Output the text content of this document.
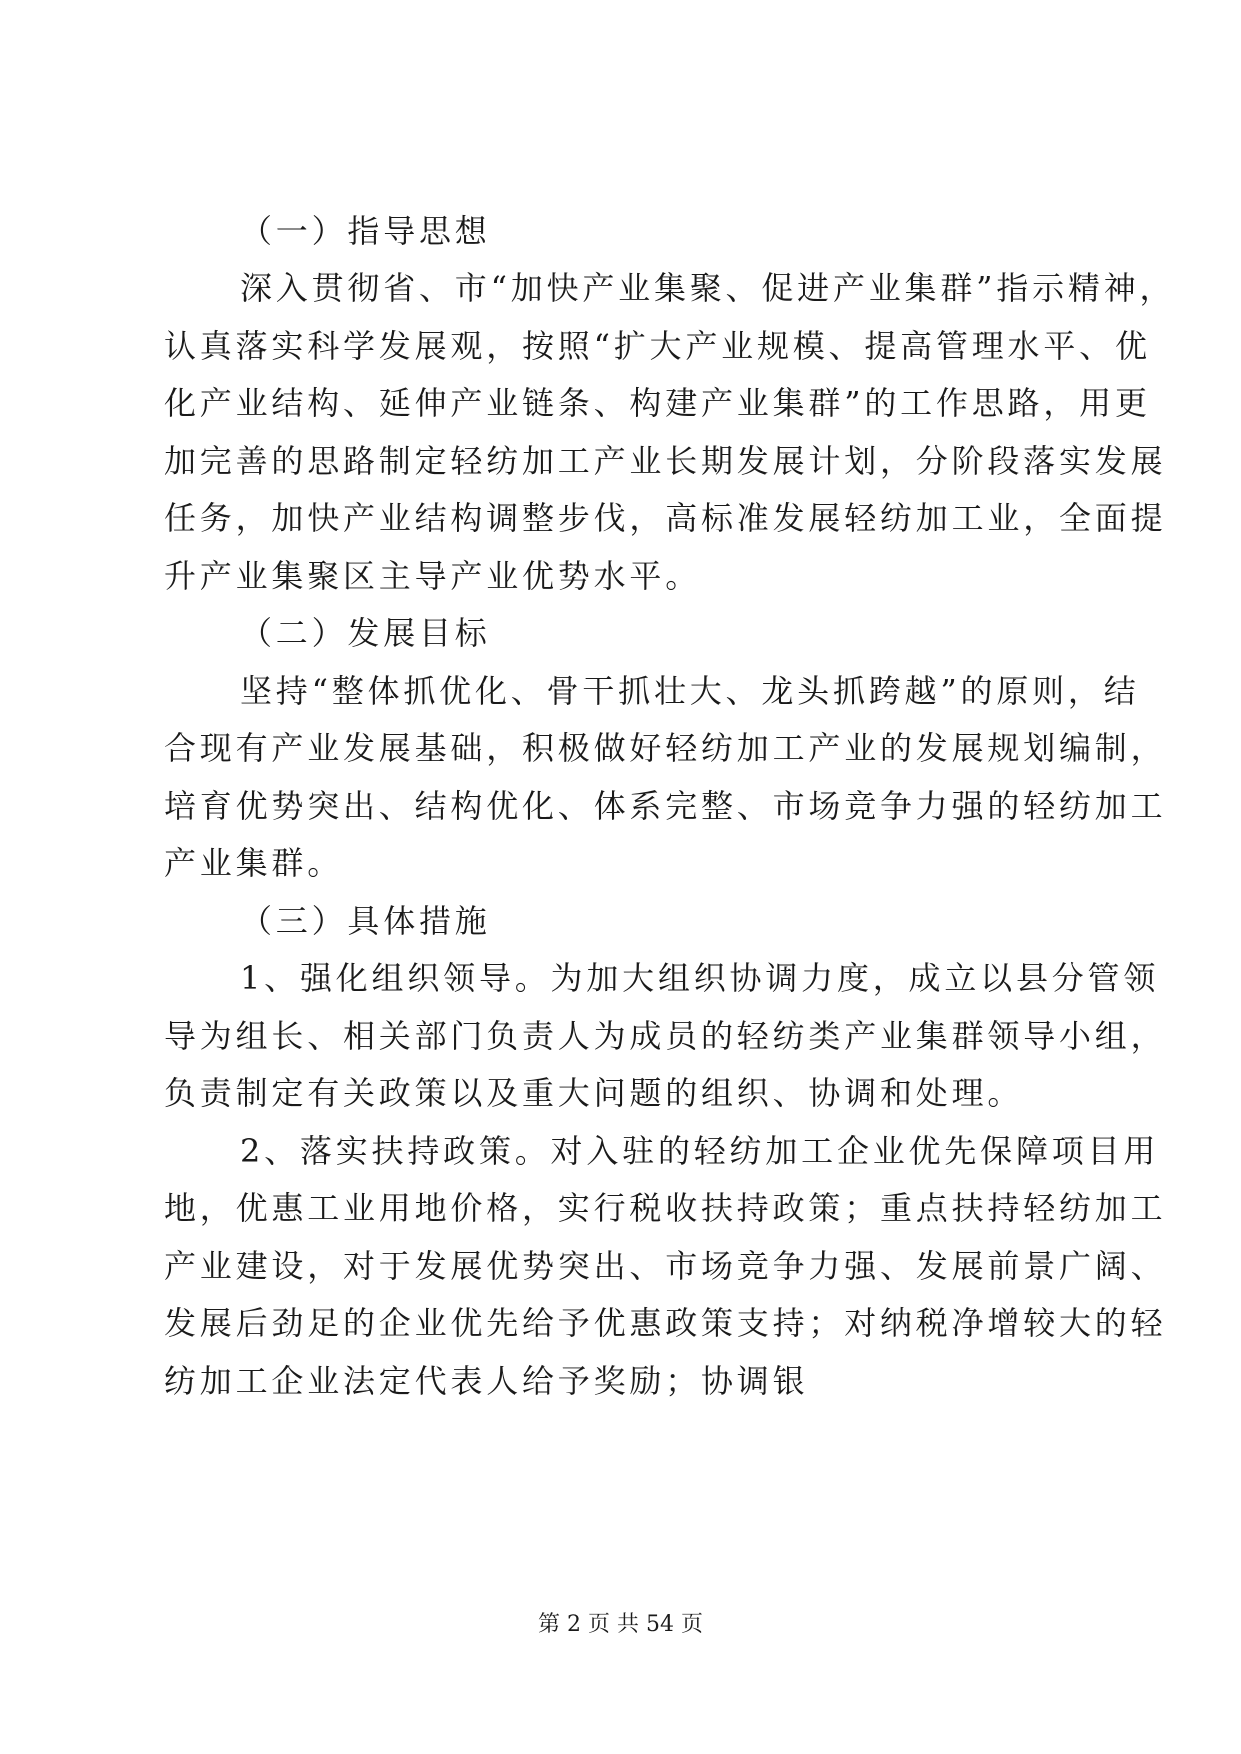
（一）指导思想
深入贯彻省、市“加快产业集聚、促进产业集群”指示精神，
认真落实科学发展观，按照“扩大产业规模、提高管理水平、优
化产业结构、延伸产业链条、构建产业集群”的工作思路，用更
加完善的思路制定轻纺加工产业长期发展计划，分阶段落实发展
任务，加快产业结构调整步伐，高标准发展轻纺加工业，全面提
升产业集聚区主导产业优势水平。
（二）发展目标
坚持“整体抓优化、骨干抓壮大、龙头抓跨越”的原则，结
合现有产业发展基础，积极做好轻纺加工产业的发展规划编制，
培育优势突出、结构优化、体系完整、市场竞争力强的轻纺加工
产业集群。
（三）具体措施
1、强化组织领导。为加大组织协调力度，成立以县分管领
导为组长、相关部门负责人为成员的轻纺类产业集群领导小组，
负责制定有关政策以及重大问题的组织、协调和处理。
2、落实扶持政策。对入驻的轻纺加工企业优先保障项目用
地，优惠工业用地价格，实行税收扶持政策；重点扶持轻纺加工
产业建设，对于发展优势突出、市场竞争力强、发展前景广阔、
发展后劲足的企业优先给予优惠政策支持；对纳税净增较大的轻
纺加工企业法定代表人给予奖励；协调银
第 2 页 共 54 页
